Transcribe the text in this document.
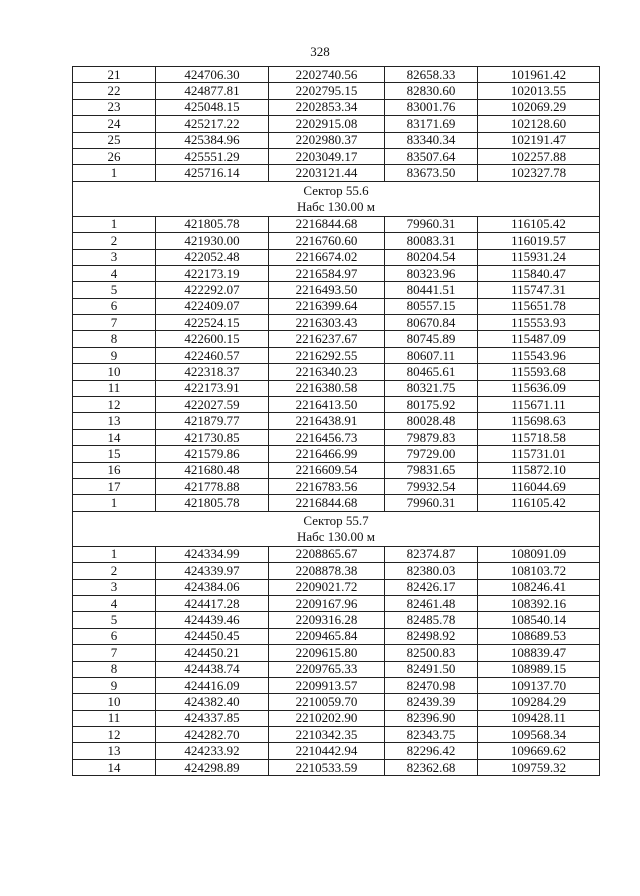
328
21	424706.30	2202740.56	82658.33	101961.42
22	424877.81	2202795.15	82830.60	102013.55
23	425048.15	2202853.34	83001.76	102069.29
24	425217.22	2202915.08	83171.69	102128.60
25	425384.96	2202980.37	83340.34	102191.47
26	425551.29	2203049.17	83507.64	102257.88
1	425716.14	2203121.44	83673.50	102327.78

Сектор 55.6
Набс 130.00 м				

1	421805.78	2216844.68	79960.31	116105.42
2	421930.00	2216760.60	80083.31	116019.57
3	422052.48	2216674.02	80204.54	115931.24
4	422173.19	2216584.97	80323.96	115840.47
5	422292.07	2216493.50	80441.51	115747.31
6	422409.07	2216399.64	80557.15	115651.78
7	422524.15	2216303.43	80670.84	115553.93
8	422600.15	2216237.67	80745.89	115487.09
9	422460.57	2216292.55	80607.11	115543.96
10	422318.37	2216340.23	80465.61	115593.68
11	422173.91	2216380.58	80321.75	115636.09
12	422027.59	2216413.50	80175.92	115671.11
13	421879.77	2216438.91	80028.48	115698.63
14	421730.85	2216456.73	79879.83	115718.58
15	421579.86	2216466.99	79729.00	115731.01
16	421680.48	2216609.54	79831.65	115872.10
17	421778.88	2216783.56	79932.54	116044.69
1	421805.78	2216844.68	79960.31	116105.42

Сектор 55.7
Набс 130.00 м				

1	424334.99	2208865.67	82374.87	108091.09
2	424339.97	2208878.38	82380.03	108103.72
3	424384.06	2209021.72	82426.17	108246.41
4	424417.28	2209167.96	82461.48	108392.16
5	424439.46	2209316.28	82485.78	108540.14
6	424450.45	2209465.84	82498.92	108689.53
7	424450.21	2209615.80	82500.83	108839.47
8	424438.74	2209765.33	82491.50	108989.15
9	424416.09	2209913.57	82470.98	109137.70
10	424382.40	2210059.70	82439.39	109284.29
11	424337.85	2210202.90	82396.90	109428.11
12	424282.70	2210342.35	82343.75	109568.34
13	424233.92	2210442.94	82296.42	109669.62
14	424298.89	2210533.59	82362.68	109759.32
